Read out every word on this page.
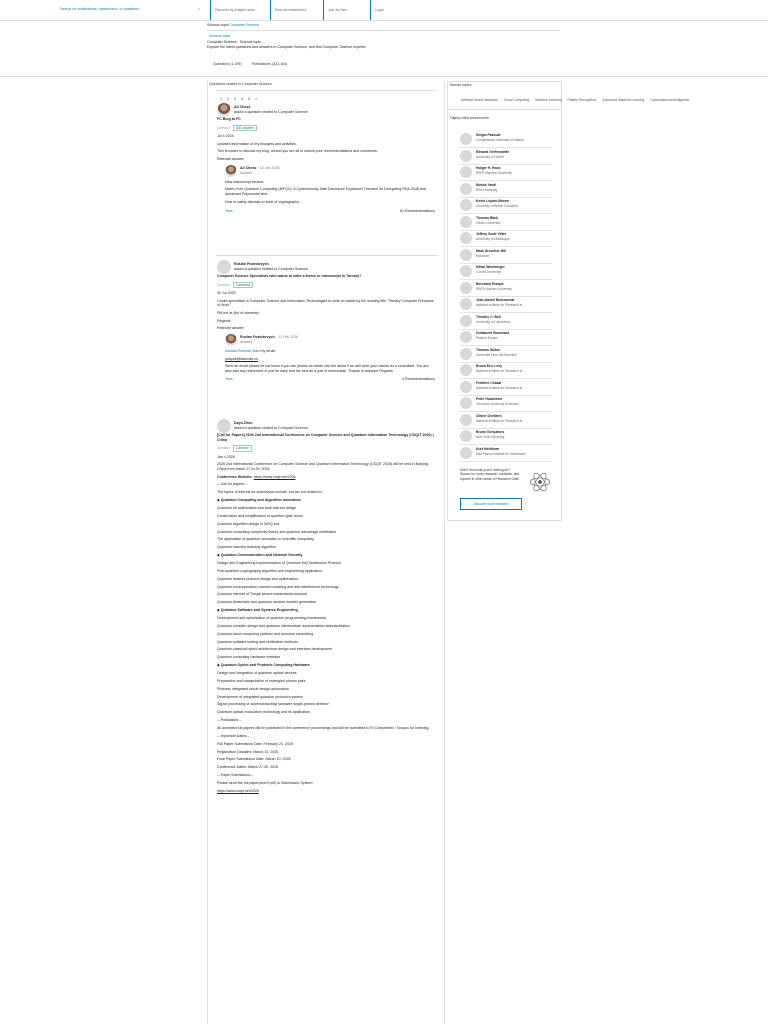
Search for publications, researchers, or questions	x	Discover by subject area	Recruit researchers	Join for free	Login
Science topic Computer Science
Science topic
Computer Science - Science topic
Explore the latest questions and answers in Computer Science, and find Computer Science experts.
Questions (1,195)	Publications (333,164)
Questions related to Computer Science
1 2 3 4 5 >
Ali Chess
asked a question related to Computer Science
FC Blog at FC
Question 636 answers
Jul 4 2024
Updated information of my thoughts and activities.
This is meant to discuss my blog, all and you are all to submit your recommendations and comments.
Relevant answer
Ali Chess · 15 Jan 2026
Answer
New manuscript version:
Matrix-Free Quantum Computing (MFQC): A Cybersecurity-Safe Disclosure Expansion Theorem for Decrypting RSA-2048 and Advanced Polynomial-time
How to safely disclose a result of cryptography.
View	61 Recommendations
Ruslan Pozinkevych
asked a question related to Computer Science
Computer Science Specialists who wants to write a thesis or manuscript in Turnary?
Question 3 answers
30 Jul 2025
I invite specialists in Computer Science and Information Technologies to write an article by the working title "Ternary Computer Principles of Work"
PM me at (list of interests)
Regards
Relevant answer
Ruslan Pozinkevych · 13 Feb 2026
Answer
Asmaul Rahman Nazli by email:
pokpok@tatumab.co
Send an email please let me know if you can please an article into the about if as well write your names as a consultant. You are also add any references or just be easy and the new as a part of memorable. Thanks in advance Regards
View	4 Recommendations
Dayu Zhou
asked a question related to Computer Science
[Call for Papers] 2026 2nd International Conference on Computer Science and Quantum Information Technology (CSQIT 2026) | China
Question 1 answer
Jan 4 2026
2026 2nd International Conference on Computer Science and Quantum Information Technology (CSQIT 2026) will be held in Nanjing, China from March 27 to 29, 2026.
Conference Website: https://www.csqit.net/2026
---Call for papers---
The topics of interest for submission include, but are not limited to:
◆ Quantum Computing and Algorithm Innovation
Quantum bit optimization and fault-tolerant design
Construction and simplification of quantum gate circuit
Quantum algorithm design in NISQ era
Quantum computing complexity theory and quantum advantage verification
The application of quantum simulation in scientific computing
Quantum machine learning algorithm
◆ Quantum Communication and Network Security
Design and Engineering Implementation of Quantum Key Distribution Protocol
Post-quantum cryptography algorithm and engineering application
Quantum network protocol design and optimization
Quantum communication channel modeling and anti-interference technology
Quantum Internet of Things secure transmission scheme
Quantum blockchain and quantum random number generation
◆ Quantum Software and Systems Engineering
Development and optimization of quantum programming frameworks
Quantum compiler design and quantum intermediate representation standardization
Quantum cloud computing platform and resource scheduling
Quantum software testing and verification methods
Quantum-classical hybrid architecture design and interface development
Quantum computing hardware interface
◆ Quantum Optics and Photonic Computing Hardware
Design and integration of quantum optical devices
Preparation and manipulation of entangled photon pairs
Photonic integrated circuit design automation
Development of integrated quantum photonics system
Signal processing of superconducting nanowire single-photon detector
Quantum optical modulation technology and its application
---Publication---
All accepted full papers will be published in the conference proceedings and will be submitted to EI Compendex / Scopus for indexing.
---Important Dates---
Full Paper Submission Date: February 24, 2026
Registration Deadline: March 10, 2026
Final Paper Submission Date: March 10, 2026
Conference Dates: March 27-29, 2026
---Paper Submission---
Please send the full paper(word+pdf) to Submission System:
https://www.csqit.net/2026
Similar topics
Artificial Neural Networks Cloud Computing Machine Learning Pattern Recognition Advanced Machine Learning Computational Intelligence
Highly-cited researchers
Sergio Pascual
Complutense University of Madrid
Edward Grefenstette
University of Oxford
Holger H. Hoos
RWTH Aachen University
Moshe Vardi
Rice University
Kevin Leyton-Brown
University of British Columbia
Thomas Bäck
Leiden University
Jeffrey Scott Vitter
University of Mississippi
Mark Drescher-Hill
Microsoft
Kilian Weinberger
Cornell University
Bernhard Rumpe
RWTH Aachen University
Jean-Daniel Boissonnat
National Institute for Research in ...
Timothy C. Bell
University of Canterbury
Guillaume Bouchard
Palantir Europe
Thomas Stütze
Université Libre de Bruxelles
Bruno Eric Levy
National Institute for Research in ...
Frédéric Chazal
National Institute for Research in ...
Peter Hubwieser
Technical University of Munich
Olivier Devillers
National Institute for Research in ...
Bruno Gonçalves
New York University
Kurt Mehlhorn
Max Planck Institute for Informatics
Didn't find what you're looking for? Search for more research, methods, and experts in other areas of Research Gate
Discover more research
